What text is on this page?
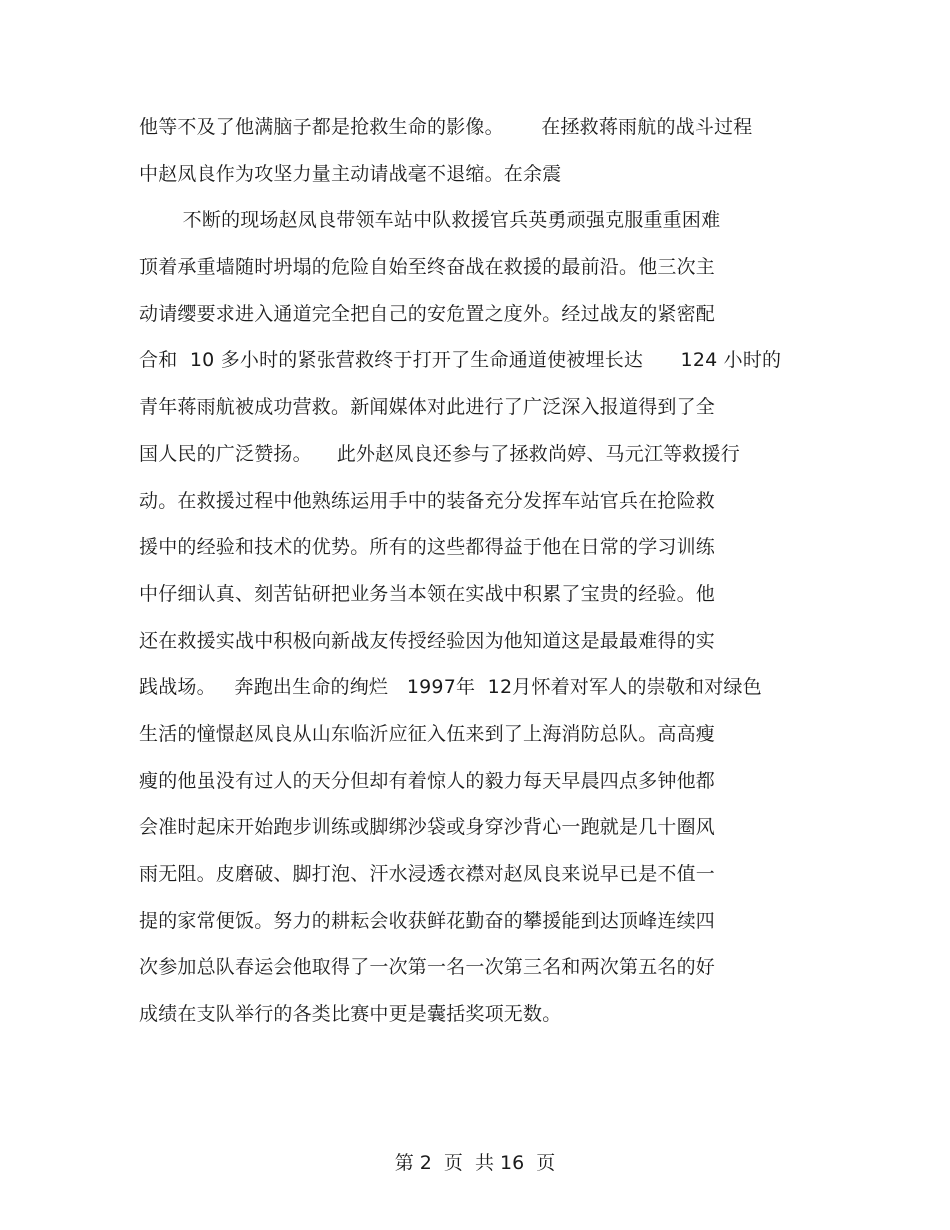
他等不及了他满脑子都是抢救生命的影像。      在拯救蒋雨航的战斗过程
中赵凤良作为攻坚力量主动请战毫不退缩。在余震
不断的现场赵凤良带领车站中队救援官兵英勇顽强克服重重困难
顶着承重墙随时坍塌的危险自始至终奋战在救援的最前沿。他三次主
动请缨要求进入通道完全把自己的安危置之度外。经过战友的紧密配
合和  10 多小时的紧张营救终于打开了生命通道使被埋长达      124 小时的
青年蒋雨航被成功营救。新闻媒体对此进行了广泛深入报道得到了全
国人民的广泛赞扬。    此外赵凤良还参与了拯救尚婷、马元江等救援行
动。在救援过程中他熟练运用手中的装备充分发挥车站官兵在抢险救
援中的经验和技术的优势。所有的这些都得益于他在日常的学习训练
中仔细认真、刻苦钻研把业务当本领在实战中积累了宝贵的经验。他
还在救援实战中积极向新战友传授经验因为他知道这是最最难得的实
践战场。   奔跑出生命的绚烂   1997年  12月怀着对军人的崇敬和对绿色
生活的憧憬赵凤良从山东临沂应征入伍来到了上海消防总队。高高瘦
瘦的他虽没有过人的天分但却有着惊人的毅力每天早晨四点多钟他都
会准时起床开始跑步训练或脚绑沙袋或身穿沙背心一跑就是几十圈风
雨无阻。皮磨破、脚打泡、汗水浸透衣襟对赵凤良来说早已是不值一
提的家常便饭。努力的耕耘会收获鲜花勤奋的攀援能到达顶峰连续四
次参加总队春运会他取得了一次第一名一次第三名和两次第五名的好
成绩在支队举行的各类比赛中更是囊括奖项无数。
第 2  页  共 16  页
